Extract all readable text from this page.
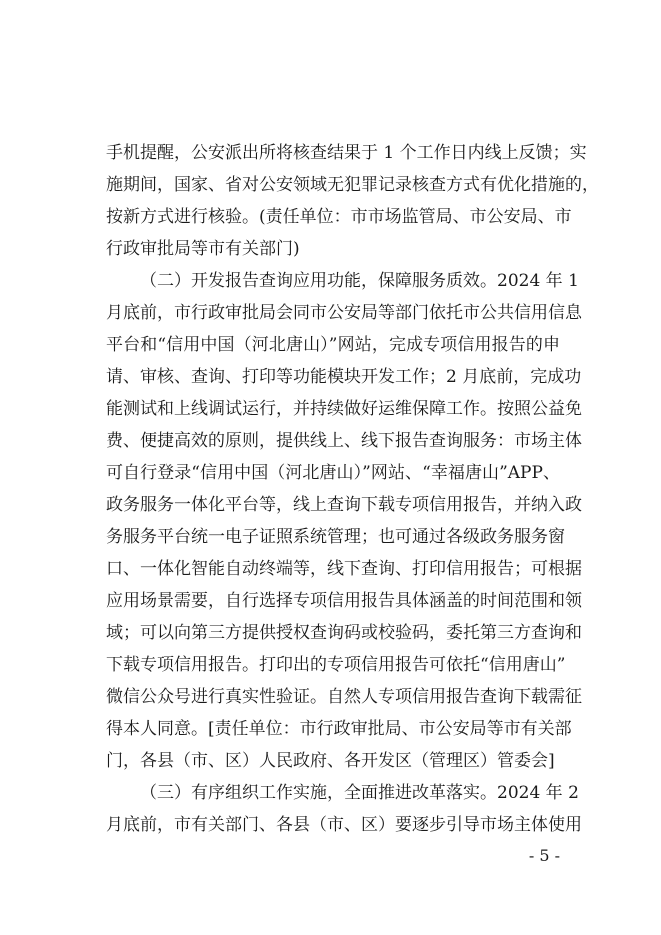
手机提醒，公安派出所将核查结果于 1 个工作日内线上反馈；实
施期间，国家、省对公安领域无犯罪记录核查方式有优化措施的，
按新方式进行核验。(责任单位：市市场监管局、市公安局、市
行政审批局等市有关部门)
（二）开发报告查询应用功能，保障服务质效。2024 年 1
月底前，市行政审批局会同市公安局等部门依托市公共信用信息
平台和“信用中国（河北唐山）”网站，完成专项信用报告的申
请、审核、查询、打印等功能模块开发工作；2 月底前，完成功
能测试和上线调试运行，并持续做好运维保障工作。按照公益免
费、便捷高效的原则，提供线上、线下报告查询服务：市场主体
可自行登录“信用中国（河北唐山）”网站、“幸福唐山”APP、
政务服务一体化平台等，线上查询下载专项信用报告，并纳入政
务服务平台统一电子证照系统管理；也可通过各级政务服务窗
口、一体化智能自动终端等，线下查询、打印信用报告；可根据
应用场景需要，自行选择专项信用报告具体涵盖的时间范围和领
域；可以向第三方提供授权查询码或校验码，委托第三方查询和
下载专项信用报告。打印出的专项信用报告可依托“信用唐山”
微信公众号进行真实性验证。自然人专项信用报告查询下载需征
得本人同意。[责任单位：市行政审批局、市公安局等市有关部
门，各县（市、区）人民政府、各开发区（管理区）管委会]
（三）有序组织工作实施，全面推进改革落实。2024 年 2
月底前，市有关部门、各县（市、区）要逐步引导市场主体使用
- 5 -
